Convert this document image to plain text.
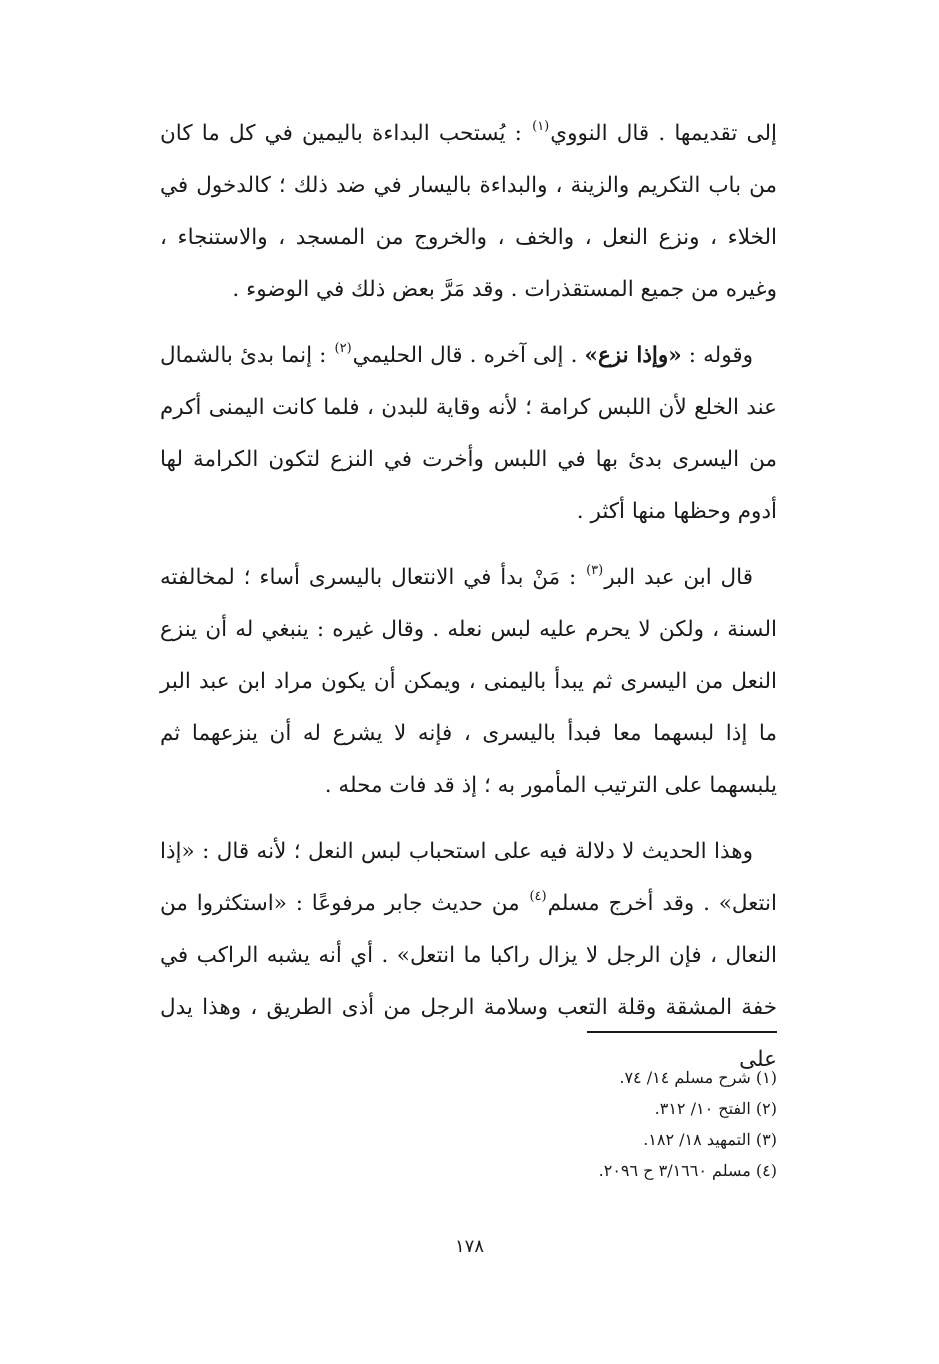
إلى تقديمها . قال النووي$^{(١)}$ : يُستحب البداءة باليمين في كل ما كان من باب التكريم والزينة ، والبداءة باليسار في ضد ذلك ؛ كالدخول في الخلاء ، ونزع النعل ، والخف ، والخروج من المسجد ، والاستنجاء ، وغيره من جميع المستقذرات . وقد مَرَّ بعض ذلك في الوضوء .

وقوله : «وإذا نزع» . إلى آخره . قال الحليمي$^{(٢)}$ : إنما بدئ بالشمال عند الخلع لأن اللبس كرامة ؛ لأنه وقاية للبدن ، فلما كانت اليمنى أكرم من اليسرى بدئ بها في اللبس وأخرت في النزع لتكون الكرامة لها أدوم وحظها منها أكثر .

قال ابن عبد البر$^{(٣)}$ : مَنْ بدأ في الانتعال باليسرى أساء ؛ لمخالفته السنة ، ولكن لا يحرم عليه لبس نعله . وقال غيره : ينبغي له أن ينزع النعل من اليسرى ثم يبدأ باليمنى ، ويمكن أن يكون مراد ابن عبد البر ما إذا لبسهما معا فبدأ باليسرى ، فإنه لا يشرع له أن ينزعهما ثم يلبسهما على الترتيب المأمور به ؛ إذ قد فات محله .

وهذا الحديث لا دلالة فيه على استحباب لبس النعل ؛ لأنه قال : «إذا انتعل» . وقد أخرج مسلم$^{(٤)}$ من حديث جابر مرفوعًا : «استكثروا من النعال ، فإن الرجل لا يزال راكبا ما انتعل» . أي أنه يشبه الراكب في خفة المشقة وقلة التعب وسلامة الرجل من أذى الطريق ، وهذا يدل على

(١) شرح مسلم ١٤/ ٧٤.

(٢) الفتح ١٠/ ٣١٢.

(٣) التمهيد ١٨/ ١٨٢.

(٤) مسلم ٣/١٦٦٠ ح ٢٠٩٦.

١٧٨
